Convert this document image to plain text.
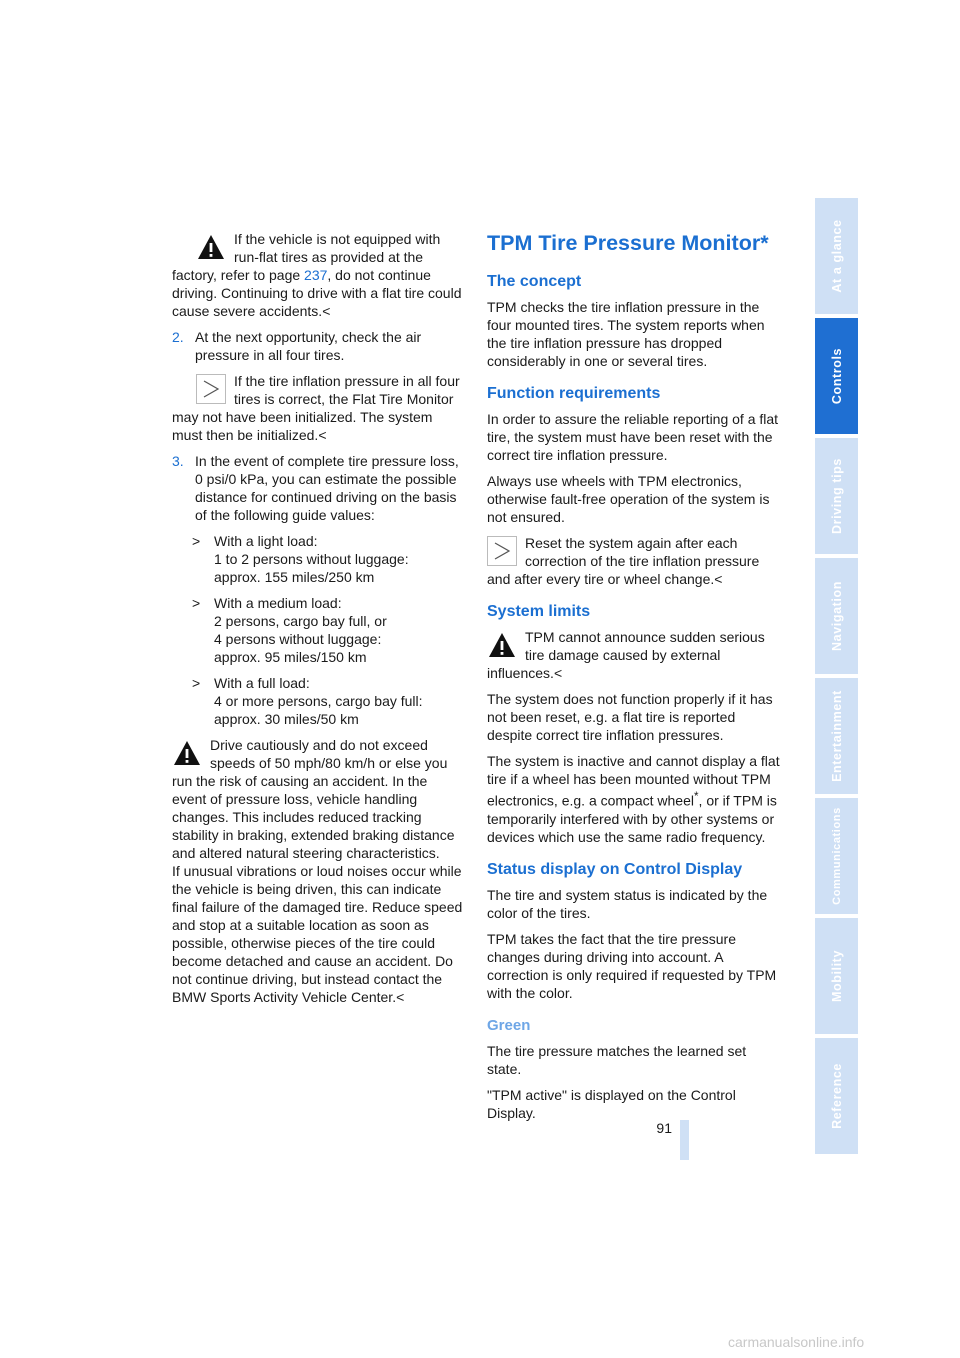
If the vehicle is not equipped with run-flat tires as provided at the factory, refer to page 237, do not continue driving. Continuing to drive with a flat tire could cause severe accidents.<

2. At the next opportunity, check the air pressure in all four tires.

If the tire inflation pressure in all four tires is correct, the Flat Tire Monitor may not have been initialized. The system must then be initialized.<

3. In the event of complete tire pressure loss, 0 psi/0 kPa, you can estimate the possible distance for continued driving on the basis of the following guide values:
> With a light load:
1 to 2 persons without luggage:
approx. 155 miles/250 km
> With a medium load:
2 persons, cargo bay full, or
4 persons without luggage:
approx. 95 miles/150 km
> With a full load:
4 or more persons, cargo bay full:
approx. 30 miles/50 km

Drive cautiously and do not exceed speeds of 50 mph/80 km/h or else you run the risk of causing an accident. In the event of pressure loss, vehicle handling changes. This includes reduced tracking stability in braking, extended braking distance and altered natural steering characteristics.

If unusual vibrations or loud noises occur while the vehicle is being driven, this can indicate final failure of the damaged tire. Reduce speed and stop at a suitable location as soon as possible, otherwise pieces of the tire could become detached and cause an accident. Do not continue driving, but instead contact the BMW Sports Activity Vehicle Center.<

TPM Tire Pressure Monitor*
The concept

TPM checks the tire inflation pressure in the four mounted tires. The system reports when the tire inflation pressure has dropped considerably in one or several tires.

Function requirements

In order to assure the reliable reporting of a flat tire, the system must have been reset with the correct tire inflation pressure.

Always use wheels with TPM electronics, otherwise fault-free operation of the system is not ensured.

Reset the system again after each correction of the tire inflation pressure and after every tire or wheel change.<

System limits

TPM cannot announce sudden serious tire damage caused by external influences.<

The system does not function properly if it has not been reset, e.g. a flat tire is reported despite correct tire inflation pressures.

The system is inactive and cannot display a flat tire if a wheel has been mounted without TPM electronics, e.g. a compact wheel*, or if TPM is temporarily interfered with by other systems or devices which use the same radio frequency.

Status display on Control Display

The tire and system status is indicated by the color of the tires.

TPM takes the fact that the tire pressure changes during driving into account. A correction is only required if requested by TPM with the color.

Green

The tire pressure matches the learned set state.

"TPM active" is displayed on the Control Display.

At a glance
Controls
Driving tips
Navigation
Entertainment
Communications
Mobility
Reference
91
carmanualsonline.info
